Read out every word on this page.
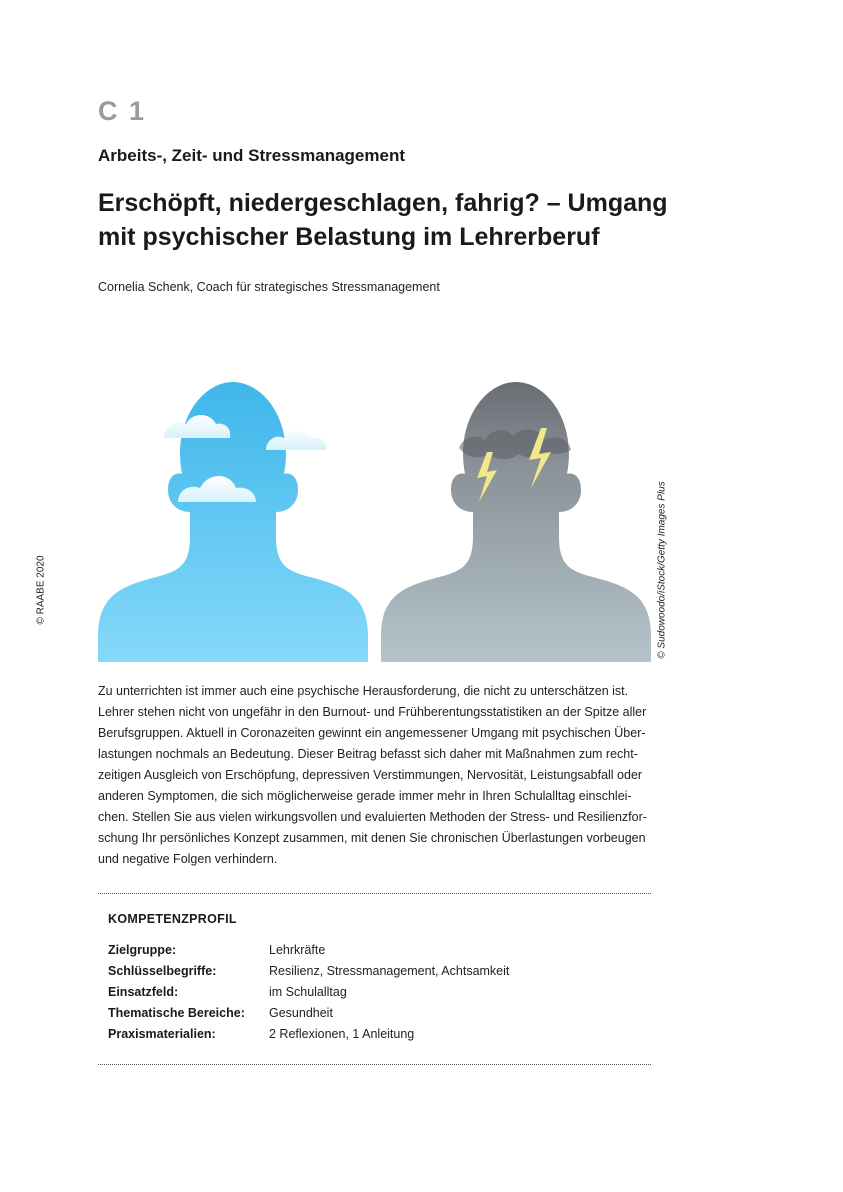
C 1
Arbeits-, Zeit- und Stressmanagement
Erschöpft, niedergeschlagen, fahrig? – Umgang
mit psychischer Belastung im Lehrerberuf
Cornelia Schenk, Coach für strategisches Stressmanagement
© RAABE 2020	© Sudowoodo/iStock/Getty Images Plus
Zu unterrichten ist immer auch eine psychische Herausforderung, die nicht zu unterschätzen ist.
Lehrer stehen nicht von ungefähr in den Burnout- und Frühberentungsstatistiken an der Spitze aller
Berufsgruppen. Aktuell in Coronazeiten gewinnt ein angemessener Umgang mit psychischen Über-
lastungen nochmals an Bedeutung. Dieser Beitrag befasst sich daher mit Maßnahmen zum recht-
zeitigen Ausgleich von Erschöpfung, depressiven Verstimmungen, Nervosität, Leistungsabfall oder
anderen Symptomen, die sich möglicherweise gerade immer mehr in Ihren Schulalltag einschlei-
chen. Stellen Sie aus vielen wirkungsvollen und evaluierten Methoden der Stress- und Resilienzfor-
schung Ihr persönliches Konzept zusammen, mit denen Sie chronischen Überlastungen vorbeugen
und negative Folgen verhindern.
KOMPETENZPROFIL
Zielgruppe:	Lehrkräfte
Schlüsselbegriffe:	Resilienz, Stressmanagement, Achtsamkeit
Einsatzfeld:	im Schulalltag
Thematische Bereiche: Gesundheit
Praxismaterialien:	2 Reflexionen, 1 Anleitung
